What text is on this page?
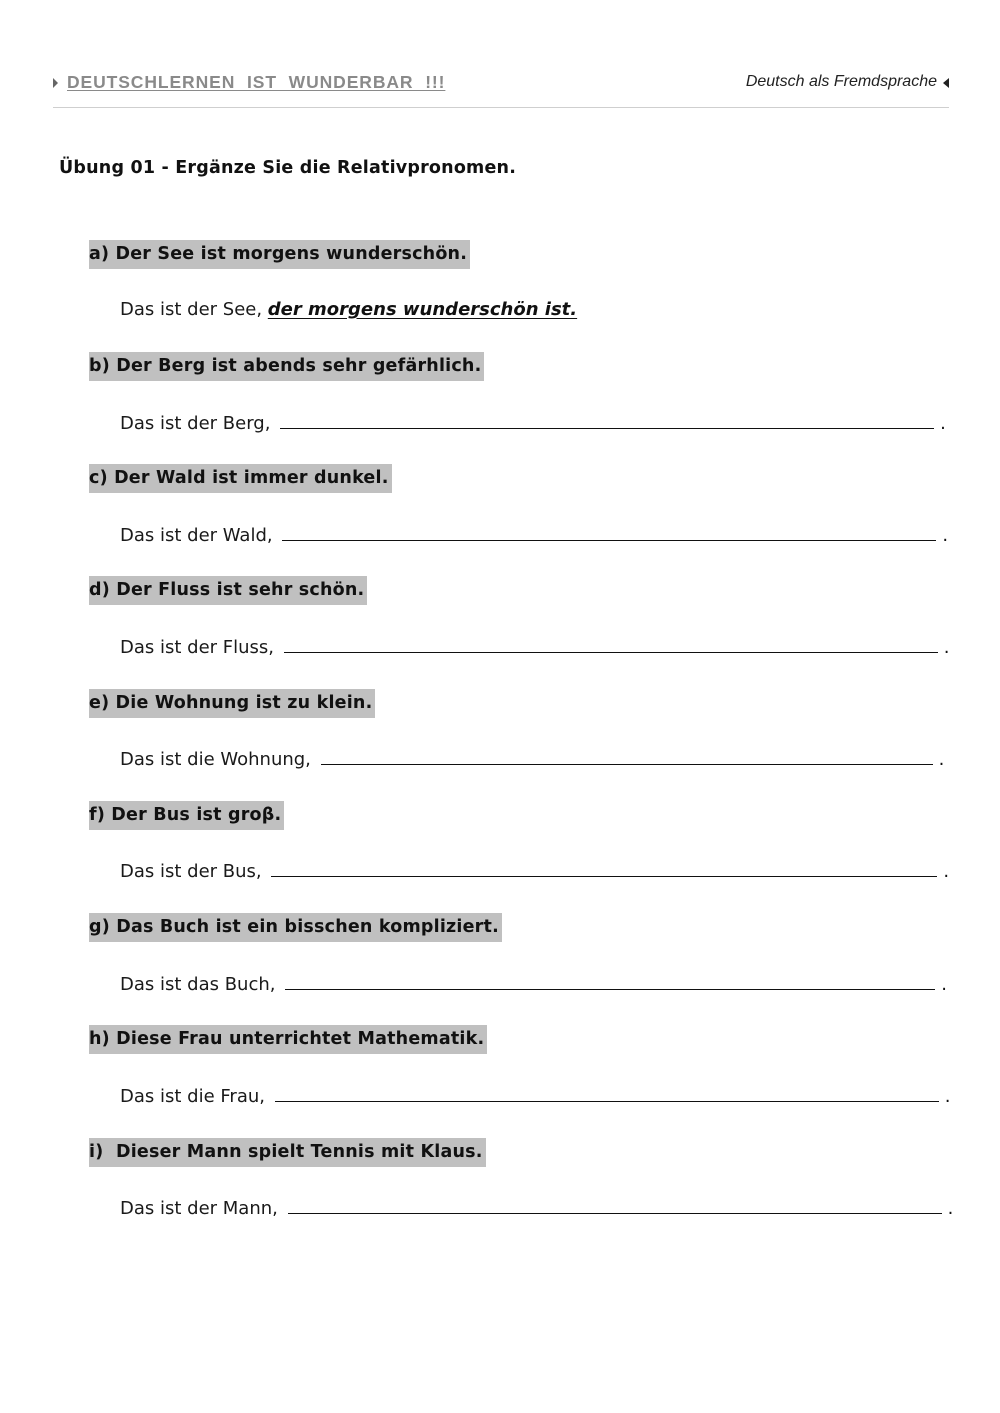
DEUTSCHLERNEN IST WUNDERBAR !!!	Deutsch als Fremdsprache
Übung 01 - Ergänze Sie die Relativpronomen.
a) Der See ist morgens wunderschön.
Das ist der See, der morgens wunderschön ist.
b) Der Berg ist abends sehr gefärhlich.
Das ist der Berg,	.
c) Der Wald ist immer dunkel.
Das ist der Wald,	.
d) Der Fluss ist sehr schön.
Das ist der Fluss,	.
e) Die Wohnung ist zu klein.
Das ist die Wohnung,	.
f) Der Bus ist groβ.
Das ist der Bus,	.
g) Das Buch ist ein bisschen kompliziert.
Das ist das Buch,	.
h) Diese Frau unterrichtet Mathematik.
Das ist die Frau,	.
i)  Dieser Mann spielt Tennis mit Klaus.
Das ist der Mann,	.
